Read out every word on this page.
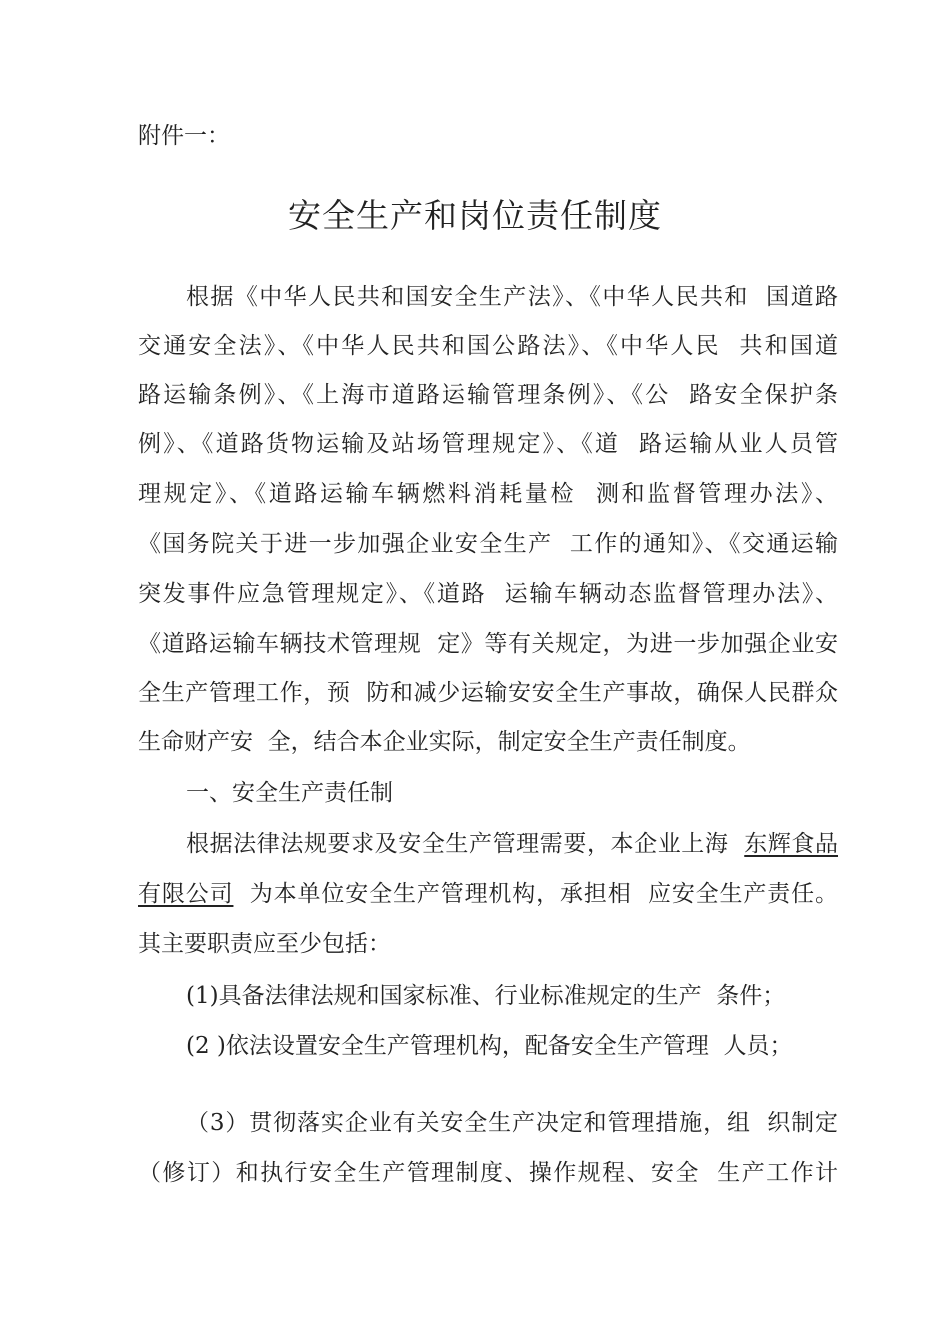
附件一：
安全生产和岗位责任制度
根据《中华人民共和国安全生产法》、《中华人民共和  国道路
交通安全法》、《中华人民共和国公路法》、《中华人民  共和国道
路运输条例》、《上海市道路运输管理条例》、《公  路安全保护条
例》、《道路货物运输及站场管理规定》、《道  路运输从业人员管
理规定》、《道路运输车辆燃料消耗量检  测和监督管理办法》、
《国务院关于进一步加强企业安全生产  工作的通知》、《交通运输
突发事件应急管理规定》、《道路  运输车辆动态监督管理办法》、
《道路运输车辆技术管理规  定》等有关规定，为进一步加强企业安
全生产管理工作，预  防和减少运输安安全生产事故，确保人民群众
生命财产安  全，结合本企业实际，制定安全生产责任制度。
一、安全生产责任制
根据法律法规要求及安全生产管理需要，本企业上海  东辉食品
有限公司  为本单位安全生产管理机构，承担相  应安全生产责任。
其主要职责应至少包括：
(1)具备法律法规和国家标准、行业标准规定的生产  条件；
(2 )依法设置安全生产管理机构，配备安全生产管理  人员；
（3）贯彻落实企业有关安全生产决定和管理措施，组  织制定
（修订）和执行安全生产管理制度、操作规程、安全  生产工作计
